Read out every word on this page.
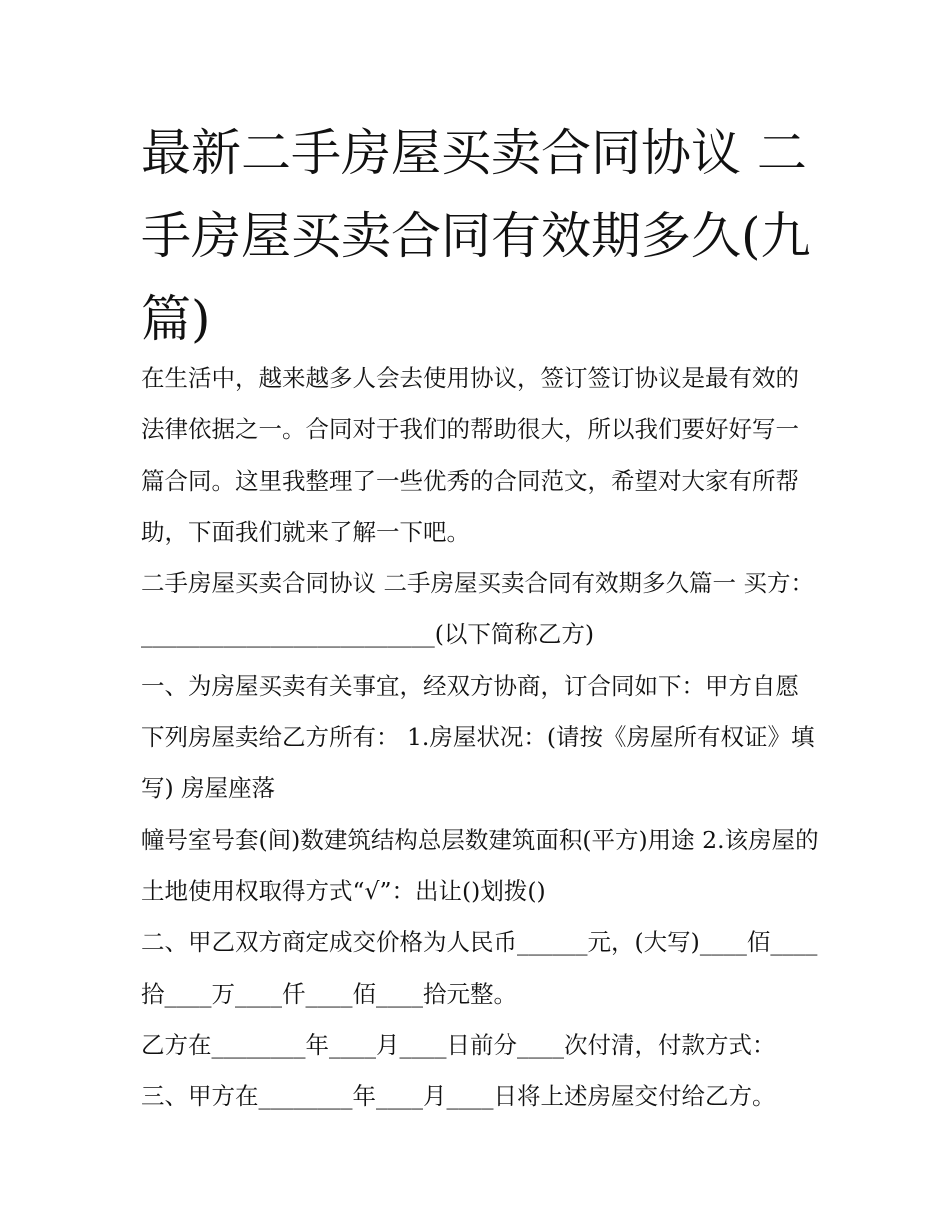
最新二手房屋买卖合同协议 二手房屋买卖合同有效期多久(九篇)

在生活中，越来越多人会去使用协议，签订签订协议是最有效的法律依据之一。合同对于我们的帮助很大，所以我们要好好写一篇合同。这里我整理了一些优秀的合同范文，希望对大家有所帮助，下面我们就来了解一下吧。

二手房屋买卖合同协议 二手房屋买卖合同有效期多久篇一 买方：_________________________(以下简称乙方)

一、为房屋买卖有关事宜，经双方协商，订合同如下：甲方自愿下列房屋卖给乙方所有： 1.房屋状况：(请按《房屋所有权证》填写) 房屋座落

幢号室号套(间)数建筑结构总层数建筑面积(平方)用途 2.该房屋的土地使用权取得方式“√”：出让()划拨()

二、甲乙双方商定成交价格为人民币______元，(大写)____佰____拾____万____仟____佰____拾元整。

乙方在________年____月____日前分____次付清，付款方式：

三、甲方在________年____月____日将上述房屋交付给乙方。
